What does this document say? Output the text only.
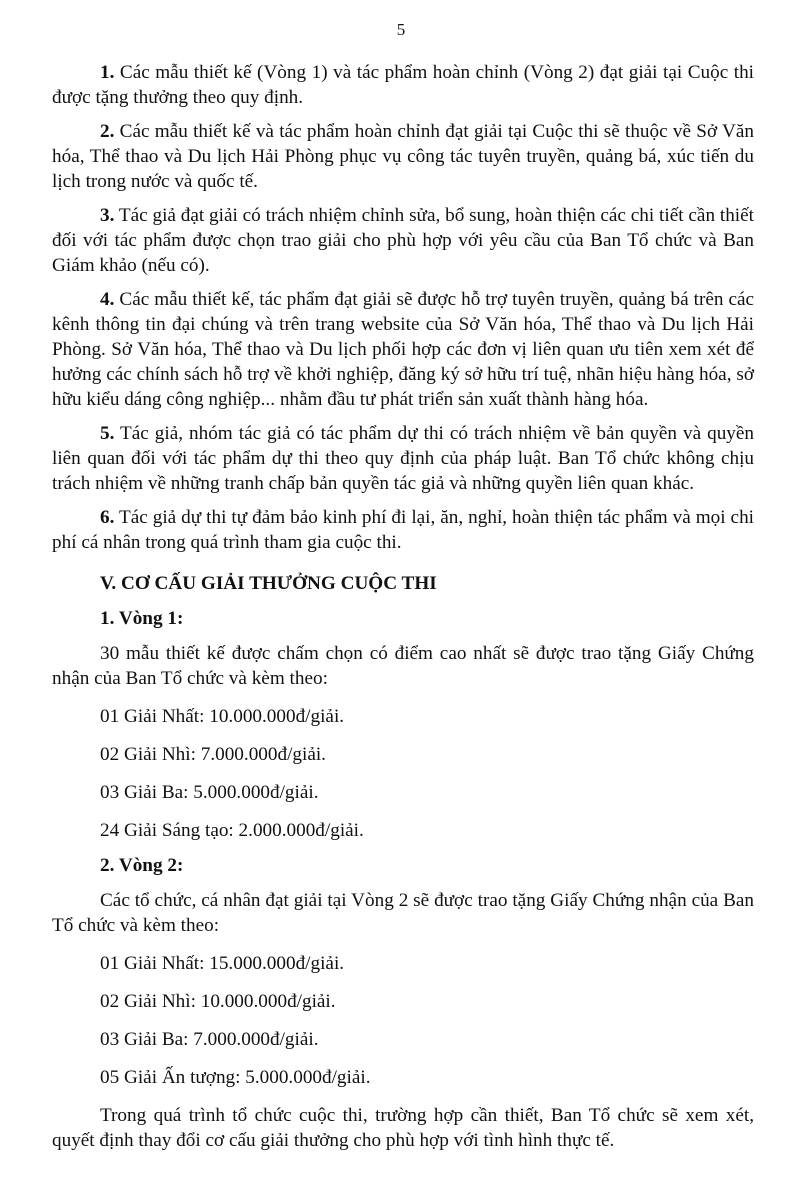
5

1. Các mẫu thiết kế (Vòng 1) và tác phẩm hoàn chỉnh (Vòng 2) đạt giải tại Cuộc thi được tặng thưởng theo quy định.

2. Các mẫu thiết kế và tác phẩm hoàn chỉnh đạt giải tại Cuộc thi sẽ thuộc về Sở Văn hóa, Thể thao và Du lịch Hải Phòng phục vụ công tác tuyên truyền, quảng bá, xúc tiến du lịch trong nước và quốc tế.

3. Tác giả đạt giải có trách nhiệm chỉnh sửa, bổ sung, hoàn thiện các chi tiết cần thiết đối với tác phẩm được chọn trao giải cho phù hợp với yêu cầu của Ban Tổ chức và Ban Giám khảo (nếu có).

4. Các mẫu thiết kế, tác phẩm đạt giải sẽ được hỗ trợ tuyên truyền, quảng bá trên các kênh thông tin đại chúng và trên trang website của Sở Văn hóa, Thể thao và Du lịch Hải Phòng. Sở Văn hóa, Thể thao và Du lịch phối hợp các đơn vị liên quan ưu tiên xem xét để hưởng các chính sách hỗ trợ về khởi nghiệp, đăng ký sở hữu trí tuệ, nhãn hiệu hàng hóa, sở hữu kiểu dáng công nghiệp... nhằm đầu tư phát triển sản xuất thành hàng hóa.

5. Tác giả, nhóm tác giả có tác phẩm dự thi có trách nhiệm về bản quyền và quyền liên quan đối với tác phẩm dự thi theo quy định của pháp luật. Ban Tổ chức không chịu trách nhiệm về những tranh chấp bản quyền tác giả và những quyền liên quan khác.

6. Tác giả dự thi tự đảm bảo kinh phí đi lại, ăn, nghỉ, hoàn thiện tác phẩm và mọi chi phí cá nhân trong quá trình tham gia cuộc thi.

V. CƠ CẤU GIẢI THƯỞNG CUỘC THI

1. Vòng 1:

30 mẫu thiết kế được chấm chọn có điểm cao nhất sẽ được trao tặng Giấy Chứng nhận của Ban Tổ chức và kèm theo:

01 Giải Nhất: 10.000.000đ/giải.

02 Giải Nhì: 7.000.000đ/giải.

03 Giải Ba: 5.000.000đ/giải.

24 Giải Sáng tạo: 2.000.000đ/giải.

2. Vòng 2:

Các tổ chức, cá nhân đạt giải tại Vòng 2 sẽ được trao tặng Giấy Chứng nhận của Ban Tổ chức và kèm theo:

01 Giải Nhất: 15.000.000đ/giải.

02 Giải Nhì: 10.000.000đ/giải.

03 Giải Ba: 7.000.000đ/giải.

05 Giải Ấn tượng: 5.000.000đ/giải.

Trong quá trình tổ chức cuộc thi, trường hợp cần thiết, Ban Tổ chức sẽ xem xét, quyết định thay đổi cơ cấu giải thưởng cho phù hợp với tình hình thực tế.
